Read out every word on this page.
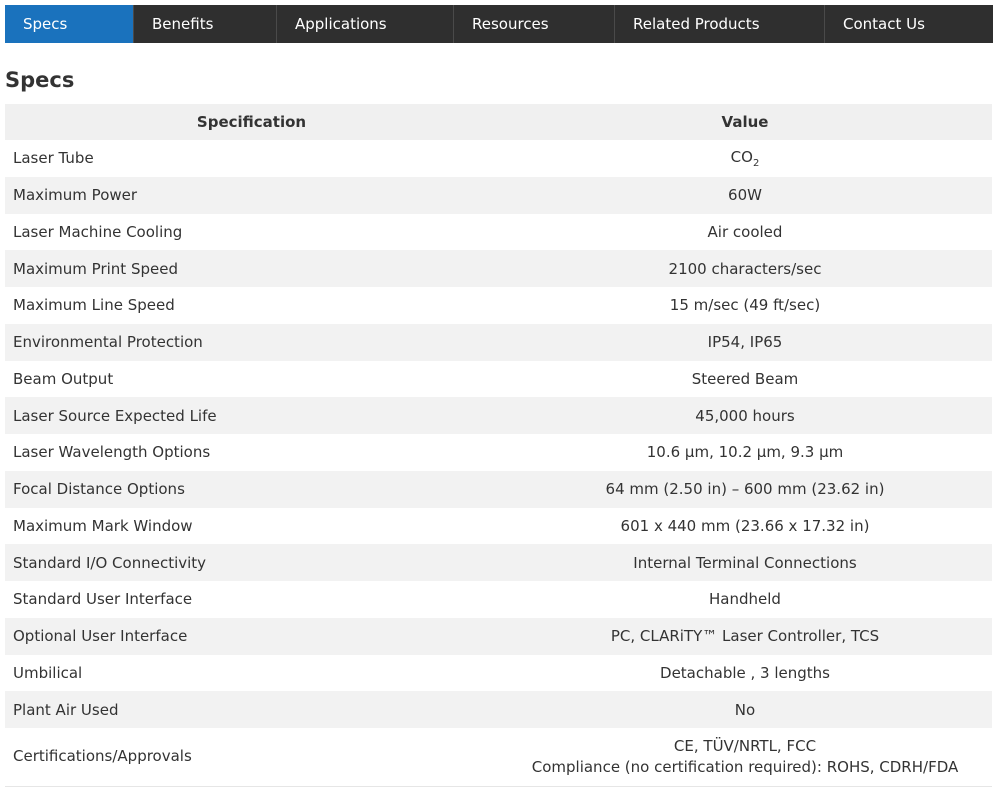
Specs	Benefits	Applications	Resources	Related Products	Contact Us
Specs
Specification	Value
Laser Tube	$CO_2$
Maximum Power	60W
Laser Machine Cooling	Air cooled
Maximum Print Speed	2100 characters/sec
Maximum Line Speed	15 m/sec (49 ft/sec)
Environmental Protection	IP54, IP65
Beam Output	Steered Beam
Laser Source Expected Life	45,000 hours
Laser Wavelength Options	10.6 µm, 10.2 µm, 9.3 µm
Focal Distance Options	64 mm (2.50 in) – 600 mm (23.62 in)
Maximum Mark Window	601 x 440 mm (23.66 x 17.32 in)
Standard I/O Connectivity	Internal Terminal Connections
Standard User Interface	Handheld
Optional User Interface	PC, CLARiTY™ Laser Controller, TCS
Umbilical	Detachable , 3 lengths
Plant Air Used	No
Certifications/Approvals	CE, TÜV/NRTL, FCC
Compliance (no certification required): ROHS, CDRH/FDA
